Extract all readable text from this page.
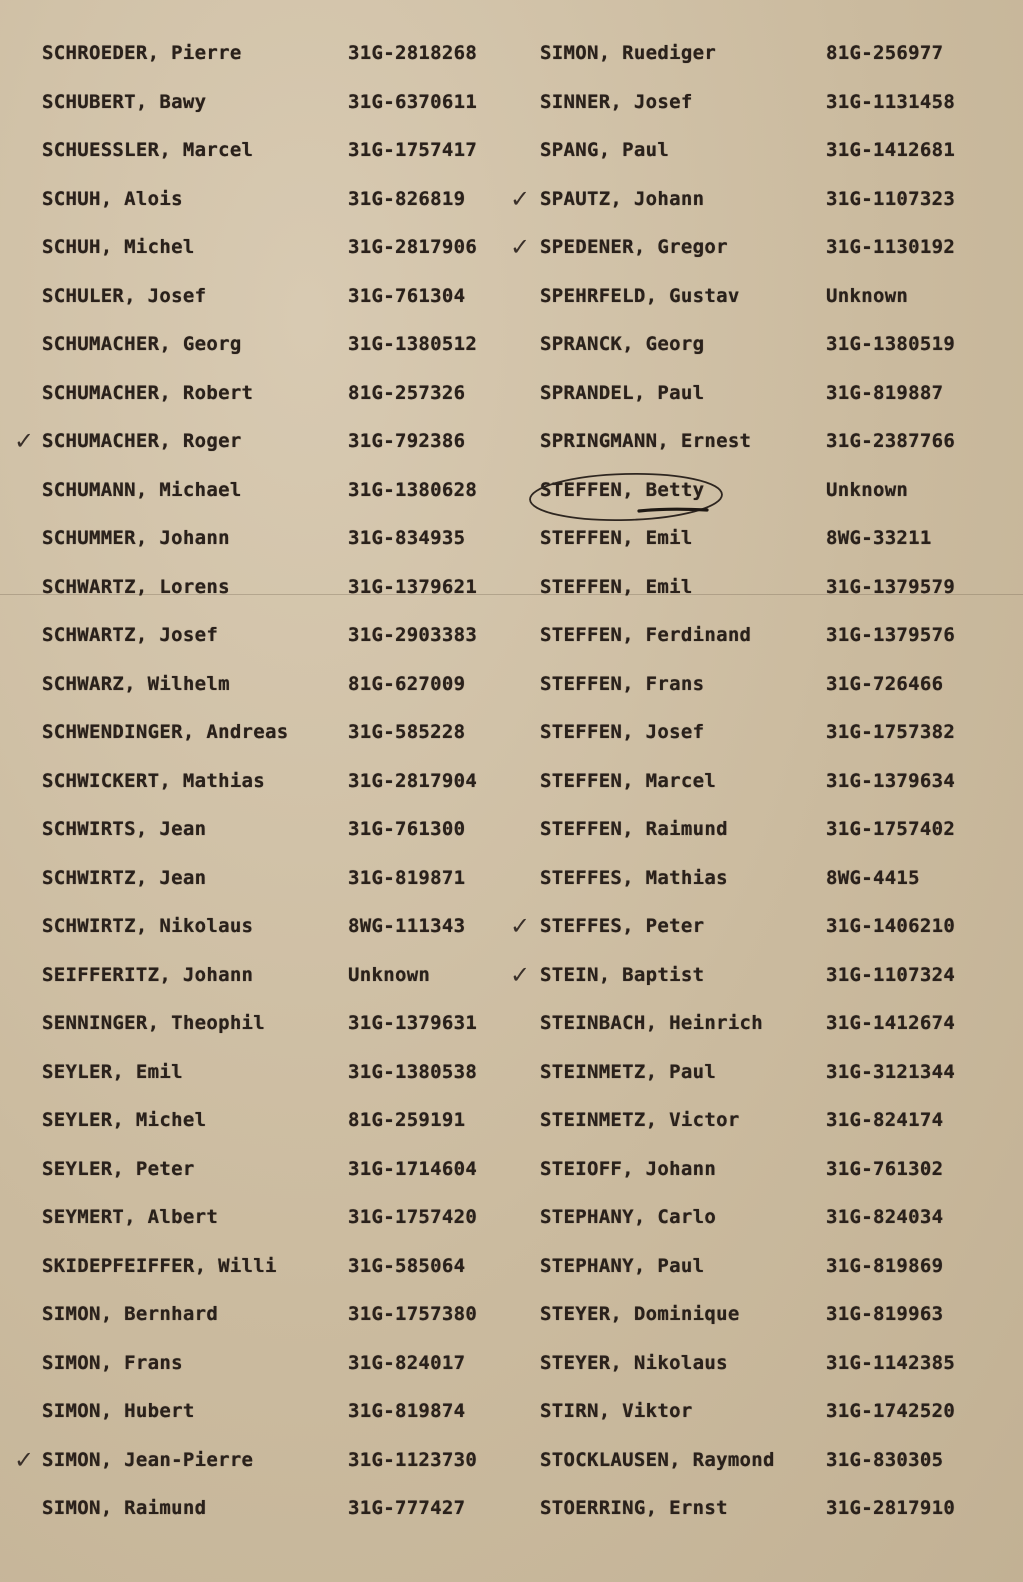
SCHROEDER, Pierre	31G-2818268	SIMON, Ruediger	81G-256977
SCHUBERT, Bawy	31G-6370611	SINNER, Josef	31G-1131458
SCHUESSLER, Marcel	31G-1757417	SPANG, Paul	31G-1412681
SCHUH, Alois	31G-826819 ✓ SPAUTZ, Johann	31G-1107323
SCHUH, Michel	31G-2817906 ✓ SPEDENER, Gregor	31G-1130192
SCHULER, Josef	31G-761304	SPEHRFELD, Gustav	Unknown
SCHUMACHER, Georg	31G-1380512	SPRANCK, Georg	31G-1380519
SCHUMACHER, Robert	81G-257326	SPRANDEL, Paul	31G-819887
✓ SCHUMACHER, Roger	31G-792386	SPRINGMANN, Ernest	31G-2387766
SCHUMANN, Michael	31G-1380628	STEFFEN, Betty	Unknown
SCHUMMER, Johann	31G-834935	STEFFEN, Emil	8WG-33211
SCHWARTZ, Lorens	31G-1379621	STEFFEN, Emil	31G-1379579
SCHWARTZ, Josef	31G-2903383	STEFFEN, Ferdinand	31G-1379576
SCHWARZ, Wilhelm	81G-627009	STEFFEN, Frans	31G-726466
SCHWENDINGER, Andreas	31G-585228	STEFFEN, Josef	31G-1757382
SCHWICKERT, Mathias	31G-2817904	STEFFEN, Marcel	31G-1379634
SCHWIRTS, Jean	31G-761300	STEFFEN, Raimund	31G-1757402
SCHWIRTZ, Jean	31G-819871	STEFFES, Mathias	8WG-4415
SCHWIRTZ, Nikolaus	8WG-111343 ✓ STEFFES, Peter	31G-1406210
SEIFFERITZ, Johann	Unknown	✓ STEIN, Baptist	31G-1107324
SENNINGER, Theophil	31G-1379631	STEINBACH, Heinrich	31G-1412674
SEYLER, Emil	31G-1380538	STEINMETZ, Paul	31G-3121344
SEYLER, Michel	81G-259191	STEINMETZ, Victor	31G-824174
SEYLER, Peter	31G-1714604	STEIOFF, Johann	31G-761302
SEYMERT, Albert	31G-1757420	STEPHANY, Carlo	31G-824034
SKIDEPFEIFFER, Willi	31G-585064	STEPHANY, Paul	31G-819869
SIMON, Bernhard	31G-1757380	STEYER, Dominique	31G-819963
SIMON, Frans	31G-824017	STEYER, Nikolaus	31G-1142385
SIMON, Hubert	31G-819874	STIRN, Viktor	31G-1742520
✓ SIMON, Jean-Pierre	31G-1123730	STOCKLAUSEN, Raymond	31G-830305
SIMON, Raimund	31G-777427	STOERRING, Ernst	31G-2817910
